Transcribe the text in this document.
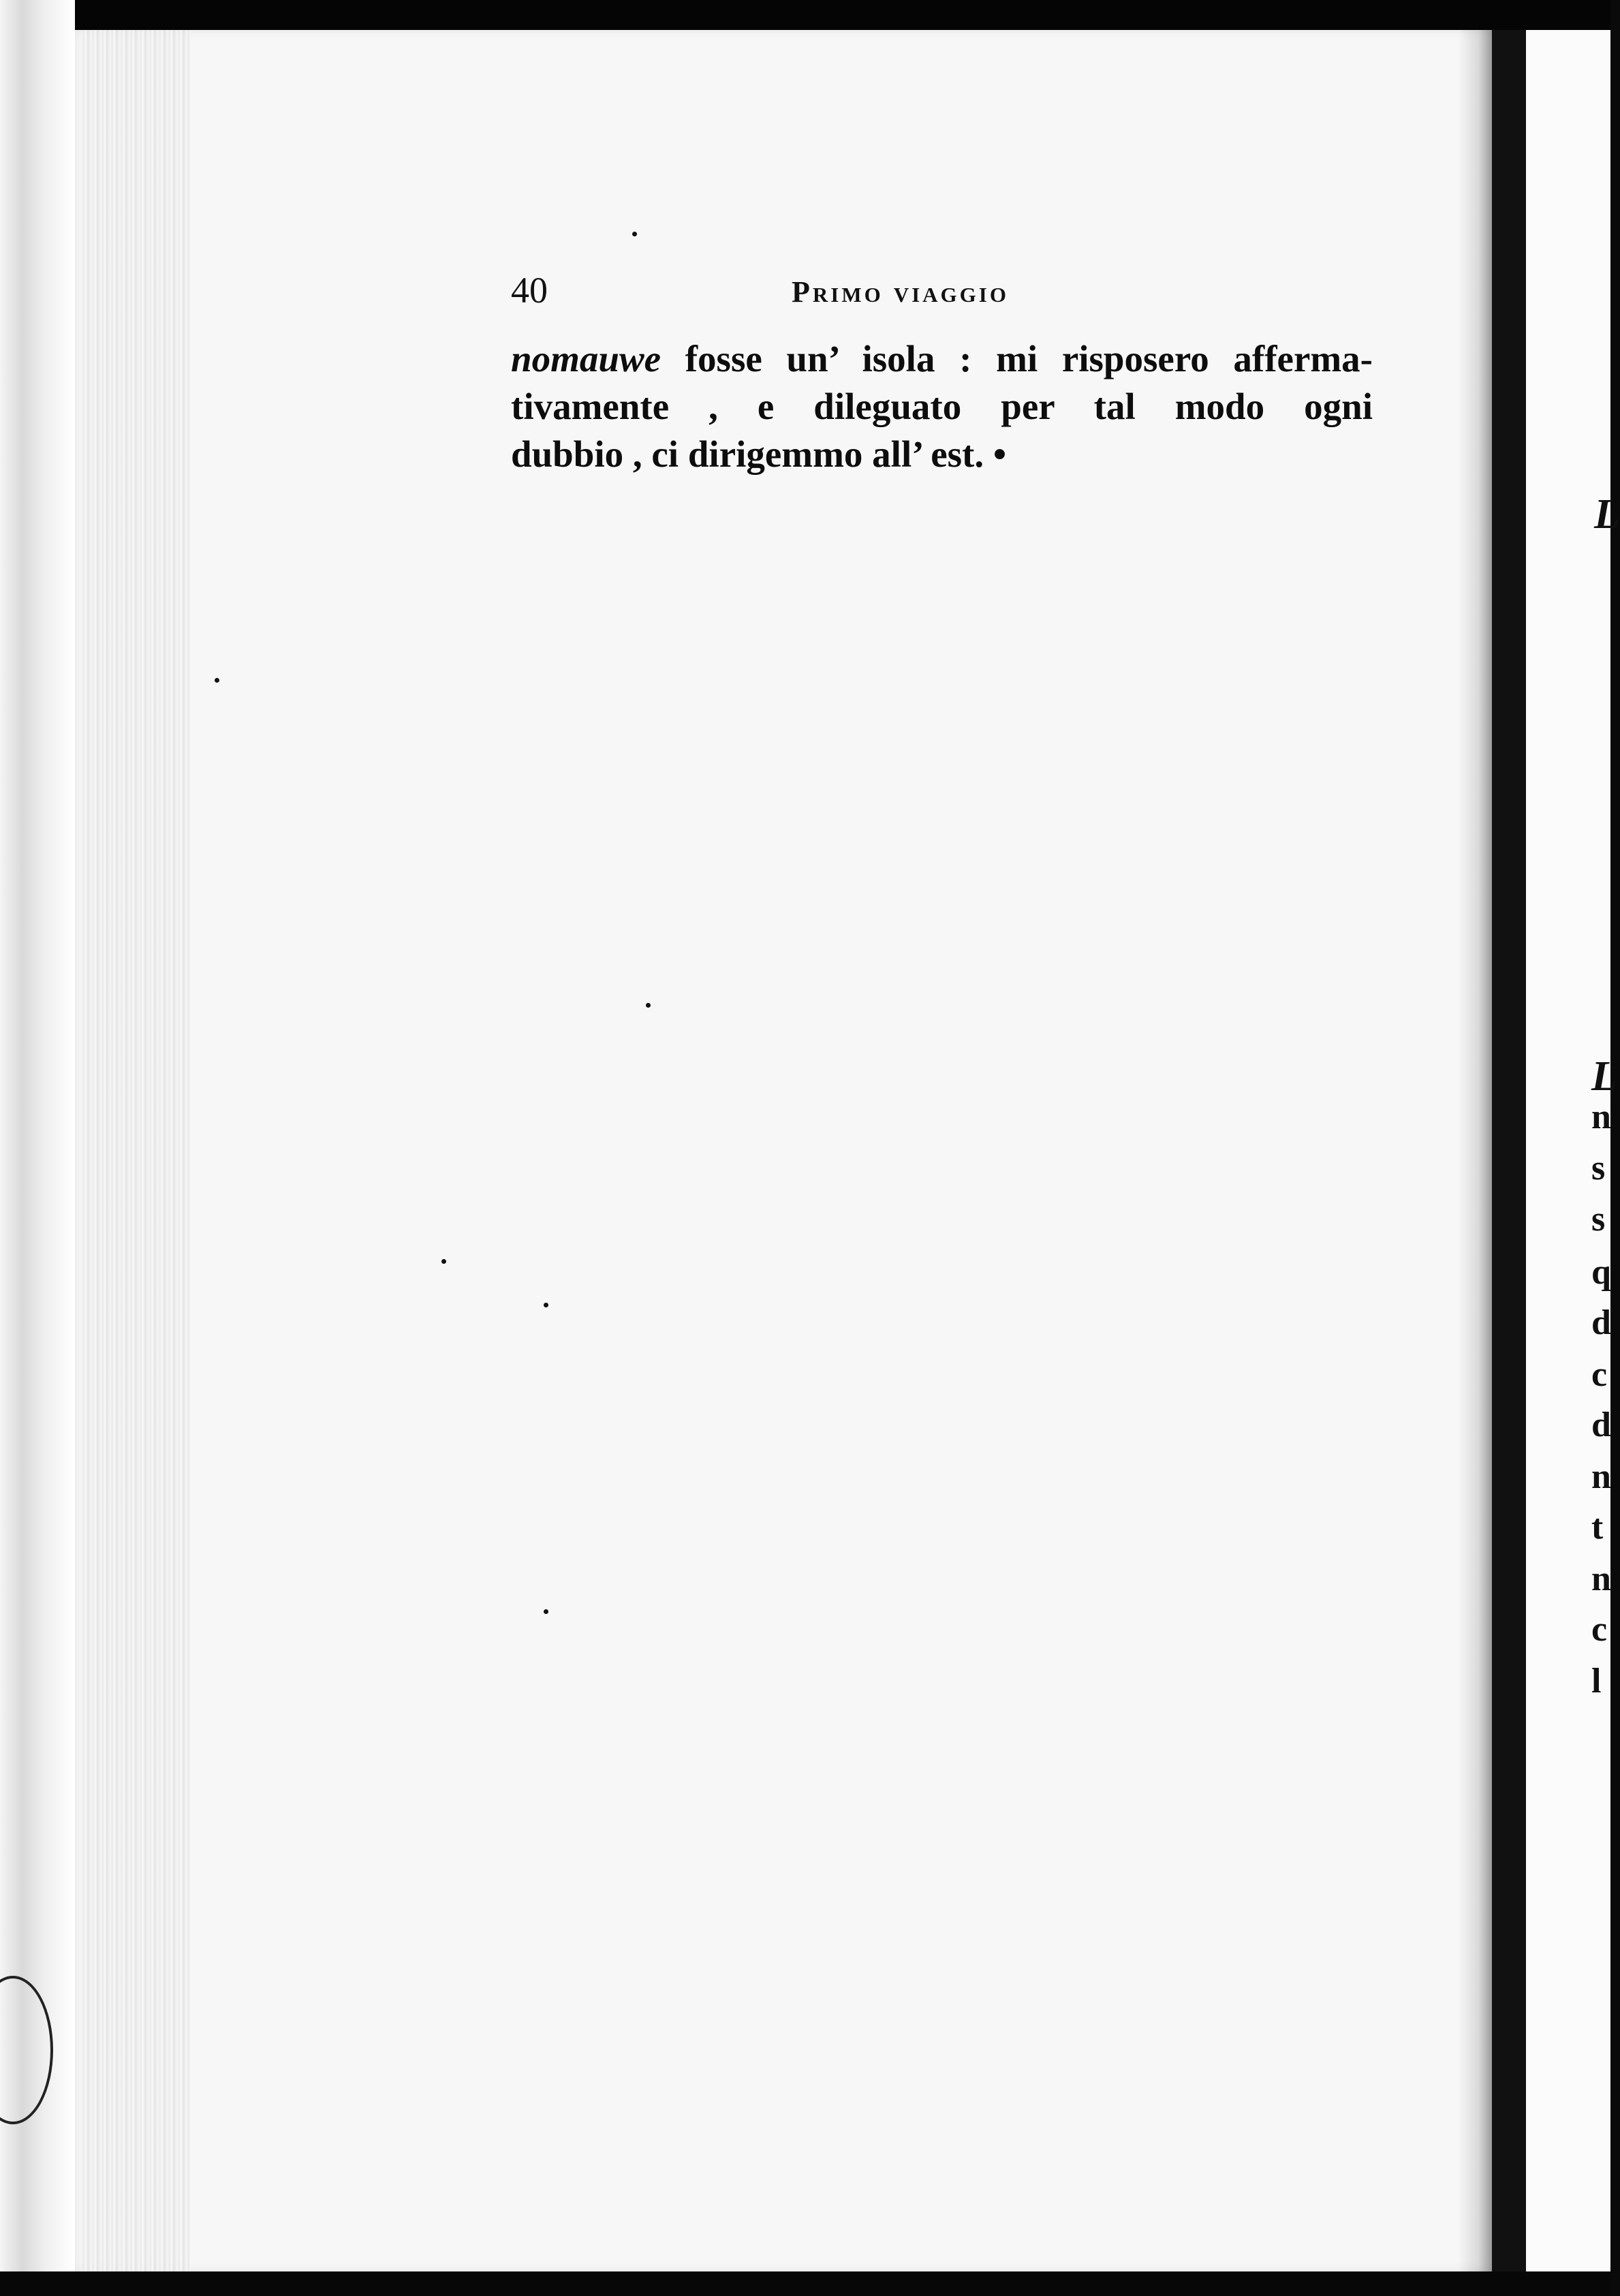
40	Primo viaggio
nomauwe fosse un’ isola : mi risposero afferma-
tivamente , e dileguato per tal modo ogni
dubbio , ci dirigemmo all’ est. •
L
L
n
s
s
q
d
c
d
n
t
n
c
l
